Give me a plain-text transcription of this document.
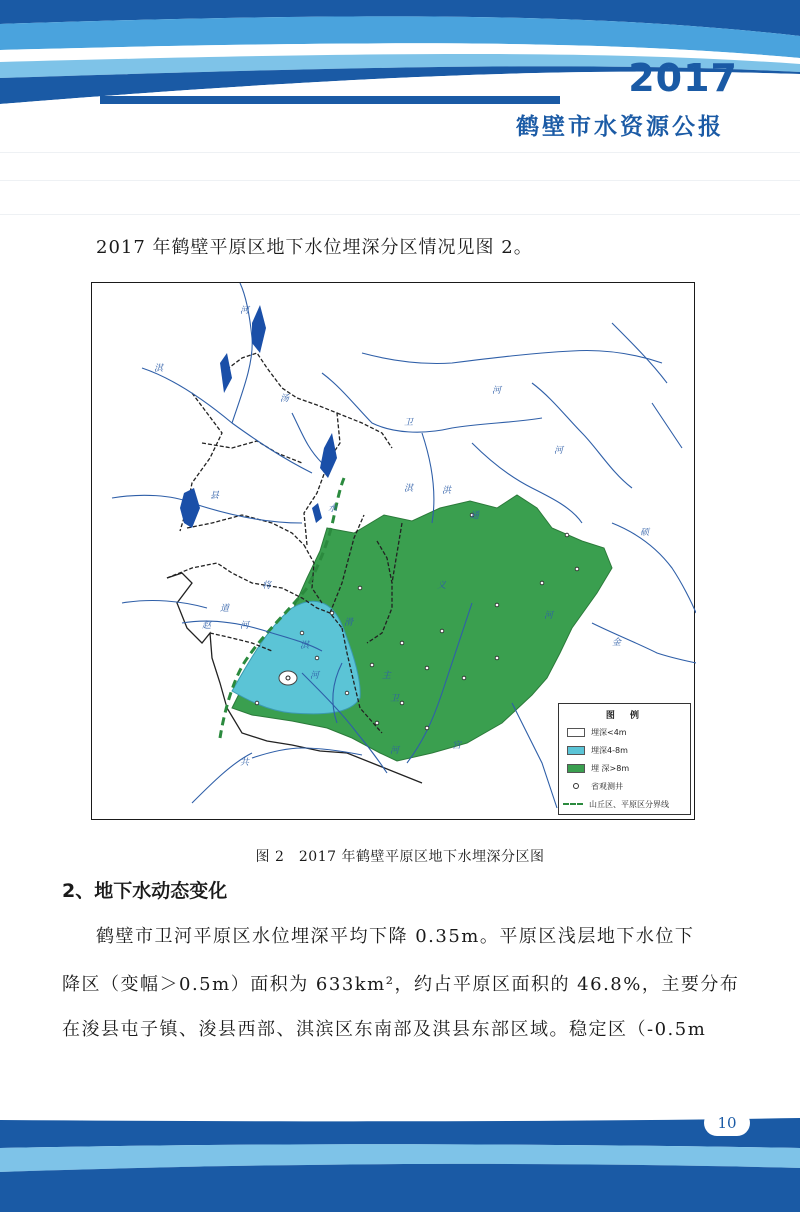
2017
鹤壁市水资源公报
2017 年鹤壁平原区地下水位埋深分区情况见图 2。
河
淇
汤
河
河
卫
县
淇
水
通
洪
硕
将
道
河
赵
淇
河
滑
卫
主
义
河
金
宫
共
河
图 例
埋深<4m
埋深4-8m
埋 深>8m
省观测井
山丘区、平原区分界线
图 2　2017 年鹤壁平原区地下水埋深分区图
2、地下水动态变化
鹤壁市卫河平原区水位埋深平均下降 0.35m。平原区浅层地下水位下
降区（变幅＞0.5m）面积为 633km²，约占平原区面积的 46.8%，主要分布
在浚县屯子镇、浚县西部、淇滨区东南部及淇县东部区域。稳定区（-0.5m
10
